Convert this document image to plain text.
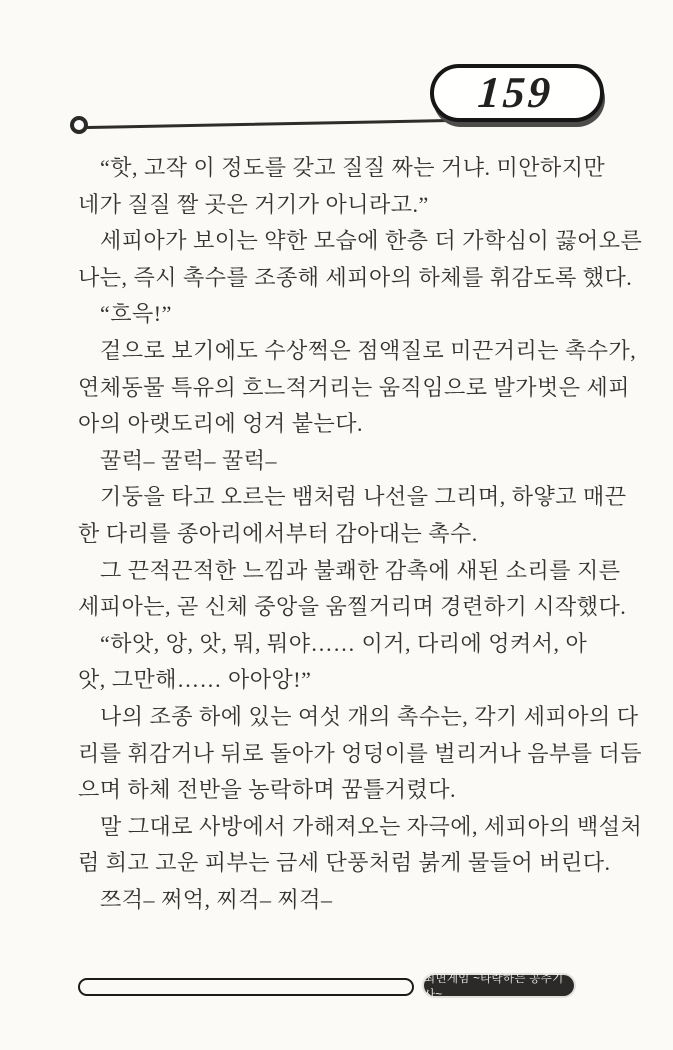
159
“핫, 고작 이 정도를 갖고 질질 짜는 거냐. 미안하지만
네가 질질 짤 곳은 거기가 아니라고.”
세피아가 보이는 약한 모습에 한층 더 가학심이 끓어오른
나는, 즉시 촉수를 조종해 세피아의 하체를 휘감도록 했다.
“흐윽!”
겉으로 보기에도 수상쩍은 점액질로 미끈거리는 촉수가,
연체동물 특유의 흐느적거리는 움직임으로 발가벗은 세피
아의 아랫도리에 엉겨 붙는다.
꿀럭– 꿀럭– 꿀럭–
기둥을 타고 오르는 뱀처럼 나선을 그리며, 하얗고 매끈
한 다리를 종아리에서부터 감아대는 촉수.
그 끈적끈적한 느낌과 불쾌한 감촉에 새된 소리를 지른
세피아는, 곧 신체 중앙을 움찔거리며 경련하기 시작했다.
“하앗, 앙, 앗, 뭐, 뭐야…… 이거, 다리에 엉켜서, 아
앗, 그만해…… 아아앙!”
나의 조종 하에 있는 여섯 개의 촉수는, 각기 세피아의 다
리를 휘감거나 뒤로 돌아가 엉덩이를 벌리거나 음부를 더듬
으며 하체 전반을 농락하며 꿈틀거렸다.
말 그대로 사방에서 가해져오는 자극에, 세피아의 백설처
럼 희고 고운 피부는 금세 단풍처럼 붉게 물들어 버린다.
쯔걱– 쩌억, 찌걱– 찌걱–
최면게임 ~타락하는 공주기사~
